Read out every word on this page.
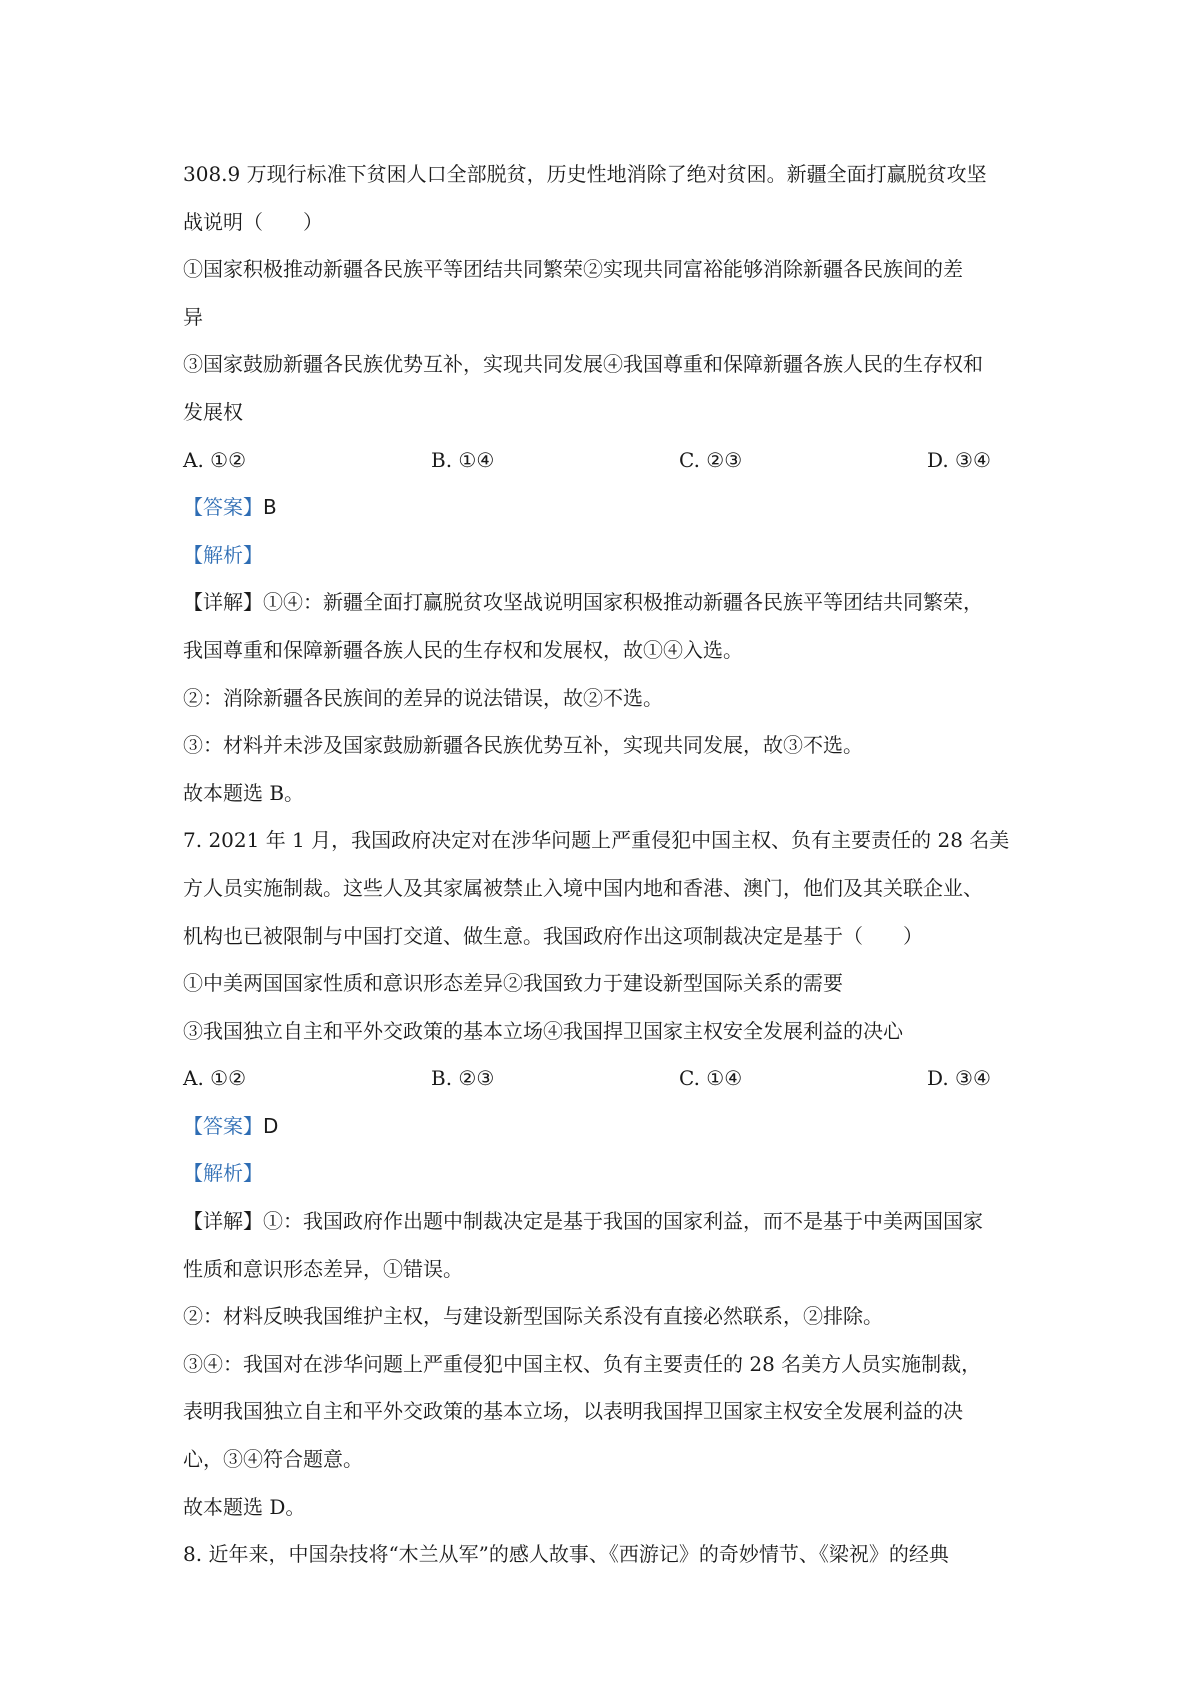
308.9 万现行标准下贫困人口全部脱贫，历史性地消除了绝对贫困。新疆全面打赢脱贫攻坚
战说明（　　）
①国家积极推动新疆各民族平等团结共同繁荣②实现共同富裕能够消除新疆各民族间的差
异
③国家鼓励新疆各民族优势互补，实现共同发展④我国尊重和保障新疆各族人民的生存权和
发展权
A. ①②	B. ①④	C. ②③	D. ③④
【答案】B
【解析】
【详解】①④：新疆全面打赢脱贫攻坚战说明国家积极推动新疆各民族平等团结共同繁荣，
我国尊重和保障新疆各族人民的生存权和发展权，故①④入选。
②：消除新疆各民族间的差异的说法错误，故②不选。
③：材料并未涉及国家鼓励新疆各民族优势互补，实现共同发展，故③不选。
故本题选 B。
7. 2021 年 1 月，我国政府决定对在涉华问题上严重侵犯中国主权、负有主要责任的 28 名美
方人员实施制裁。这些人及其家属被禁止入境中国内地和香港、澳门，他们及其关联企业、
机构也已被限制与中国打交道、做生意。我国政府作出这项制裁决定是基于（　　）
①中美两国国家性质和意识形态差异②我国致力于建设新型国际关系的需要
③我国独立自主和平外交政策的基本立场④我国捍卫国家主权安全发展利益的决心
A. ①②	B. ②③	C. ①④	D. ③④
【答案】D
【解析】
【详解】①：我国政府作出题中制裁决定是基于我国的国家利益，而不是基于中美两国国家
性质和意识形态差异，①错误。
②：材料反映我国维护主权，与建设新型国际关系没有直接必然联系，②排除。
③④：我国对在涉华问题上严重侵犯中国主权、负有主要责任的 28 名美方人员实施制裁，
表明我国独立自主和平外交政策的基本立场，以表明我国捍卫国家主权安全发展利益的决
心，③④符合题意。
故本题选 D。
8. 近年来，中国杂技将“木兰从军”的感人故事、《西游记》的奇妙情节、《梁祝》的经典
